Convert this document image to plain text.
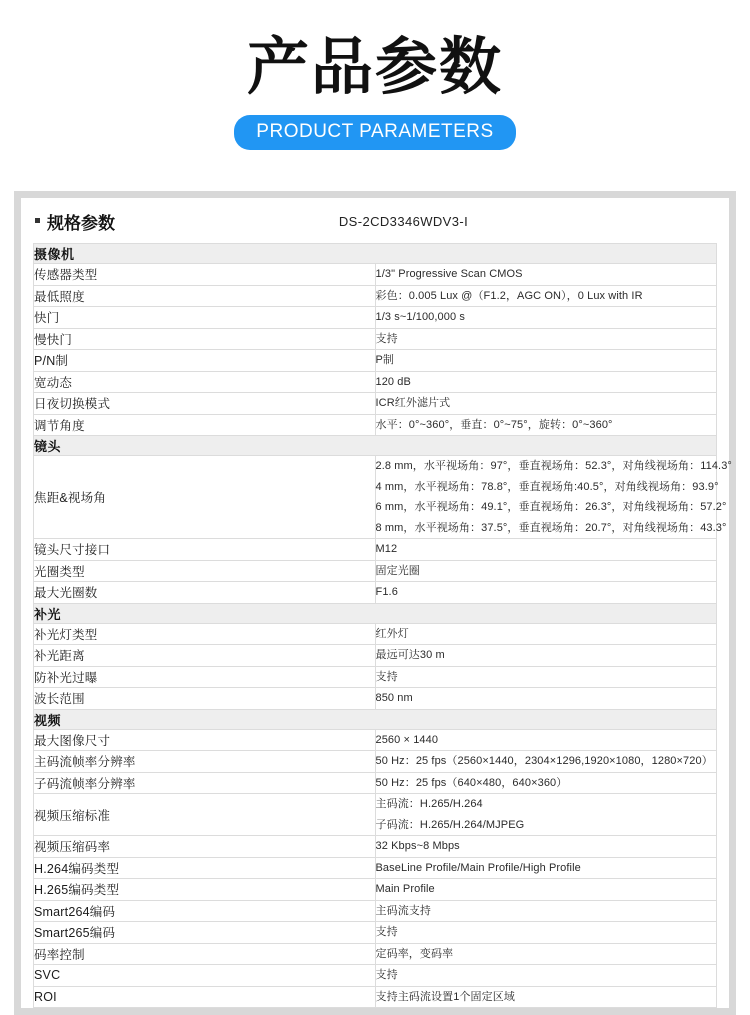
产品参数
PRODUCT PARAMETERS
规格参数	DS-2CD3346WDV3-I
摄像机	
传感器类型	1/3" Progressive Scan CMOS

最低照度	彩色：0.005 Lux @（F1.2，AGC ON），0 Lux with IR

快门	1/3 s~1/100,000 s

慢快门	支持

P/N制	P制

宽动态	120 dB

日夜切换模式	ICR红外滤片式

调节角度	水平：0°~360°，垂直：0°~75°，旋转：0°~360°

镜头	
焦距&视场角	2.8 mm，水平视场角：97°，垂直视场角：52.3°，对角线视场角：114.3°
4 mm，水平视场角：78.8°，垂直视场角:40.5°，对角线视场角：93.9°
6 mm，水平视场角：49.1°，垂直视场角：26.3°，对角线视场角：57.2°
8 mm，水平视场角：37.5°，垂直视场角：20.7°，对角线视场角：43.3°

镜头尺寸接口	M12

光圈类型	固定光圈

最大光圈数	F1.6

补光	
补光灯类型	红外灯

补光距离	最远可达30 m

防补光过曝	支持

波长范围	850 nm

视频	
最大图像尺寸	2560 × 1440

主码流帧率分辨率	50 Hz：25 fps（2560×1440，2304×1296,1920×1080，1280×720）

子码流帧率分辨率	50 Hz：25 fps（640×480，640×360）

视频压缩标准	主码流：H.265/H.264
子码流：H.265/H.264/MJPEG

视频压缩码率	32 Kbps~8 Mbps

H.264编码类型	BaseLine Profile/Main Profile/High Profile

H.265编码类型	Main Profile

Smart264编码	主码流支持

Smart265编码	支持

码率控制	定码率，变码率

SVC	支持

ROI	支持主码流设置1个固定区域
